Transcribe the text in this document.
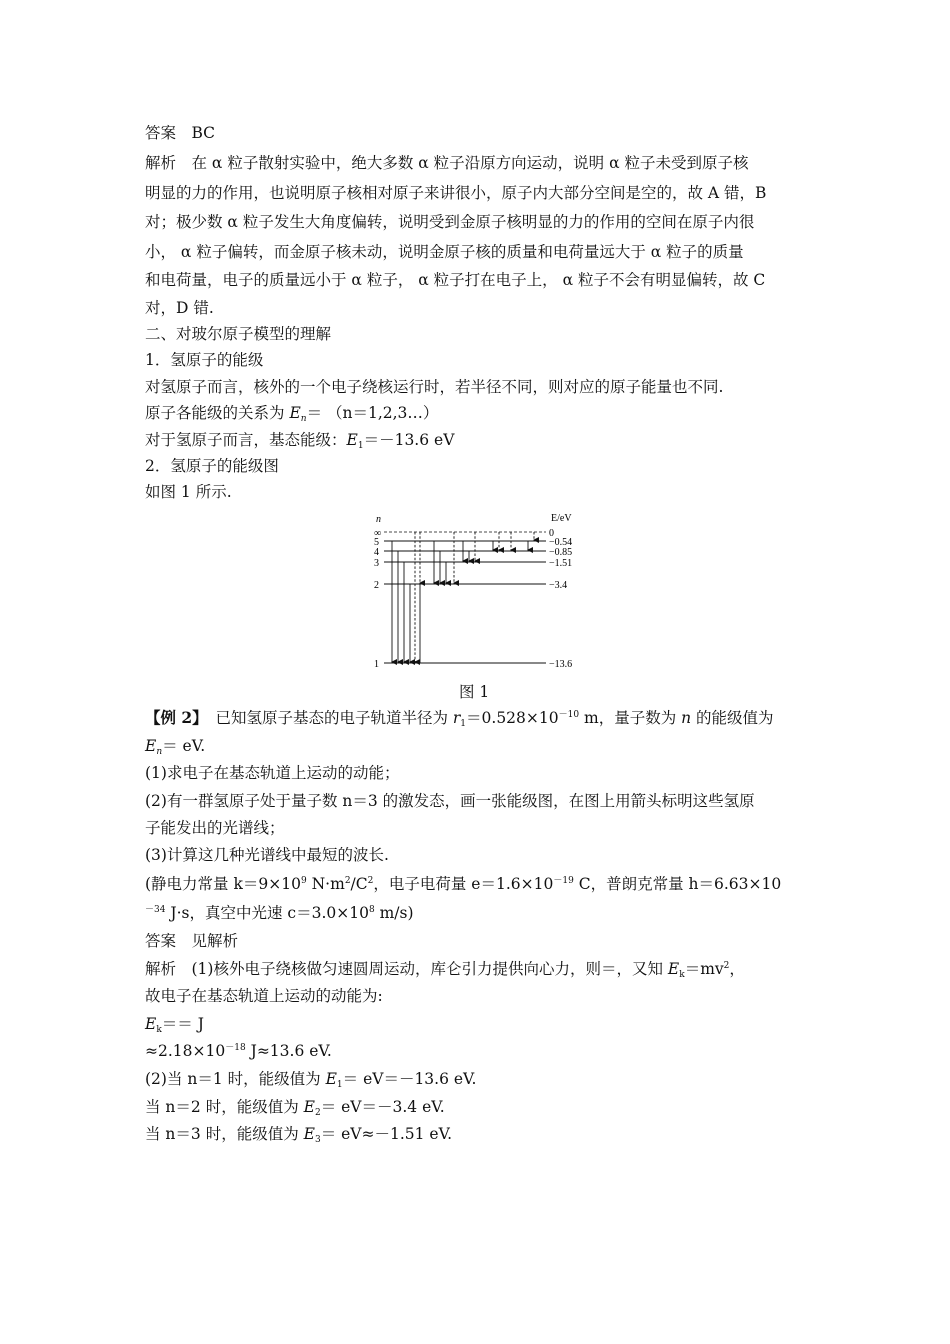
答案　BC
解析　在 α 粒子散射实验中，绝大多数 α 粒子沿原方向运动，说明 α 粒子未受到原子核
明显的力的作用，也说明原子核相对原子来讲很小，原子内大部分空间是空的，故 A 错，B
对；极少数 α 粒子发生大角度偏转，说明受到金原子核明显的力的作用的空间在原子内很
小， α 粒子偏转，而金原子核未动，说明金原子核的质量和电荷量远大于 α 粒子的质量
和电荷量，电子的质量远小于 α 粒子， α 粒子打在电子上， α 粒子不会有明显偏转，故 C
对，D 错.
二、对玻尔原子模型的理解
1．氢原子的能级
对氢原子而言，核外的一个电子绕核运行时，若半径不同，则对应的原子能量也不同.
原子各能级的关系为 $E_n=$ （n＝1,2,3…）
对于氢原子而言，基态能级：$E_1=-13.6$ eV
2．氢原子的能级图
如图 1 所示.
n	E/eV
∞	0
5	−0.54
4	−0.85
3	−1.51
2	−3.4
1	−13.6
图 1
【例 2】　已知氢原子基态的电子轨道半径为 $r_1=0.528\times 10^{-10}$ m，量子数为 n 的能级值为
$E_n=$ eV.
(1)求电子在基态轨道上运动的动能；
(2)有一群氢原子处于量子数 n＝3 的激发态，画一张能级图，在图上用箭头标明这些氢原
子能发出的光谱线；
(3)计算这几种光谱线中最短的波长.
(静电力常量 $k=9\times 10^9$ $N\cdot m^2/C^2$，电子电荷量 $e=1.6\times 10^{-19}$ C，普朗克常量 h＝6.63×10
$^{-34}$ J·s，真空中光速 $c=3.0\times 10^8$ m/s)
答案　见解析
解析　(1)核外电子绕核做匀速圆周运动，库仑引力提供向心力，则＝，又知 $E_k=mv^2$，
故电子在基态轨道上运动的动能为:
$E_k== J$
$\approx 2.18\times 10^{-18}$ J≈13.6 eV.
(2)当 n＝1 时，能级值为 $E_1= eV=-13.6$ eV.
当 n＝2 时，能级值为 $E_2= eV=-3.4$ eV.
当 n＝3 时，能级值为 $E_3= eV\approx-1.51$ eV.
